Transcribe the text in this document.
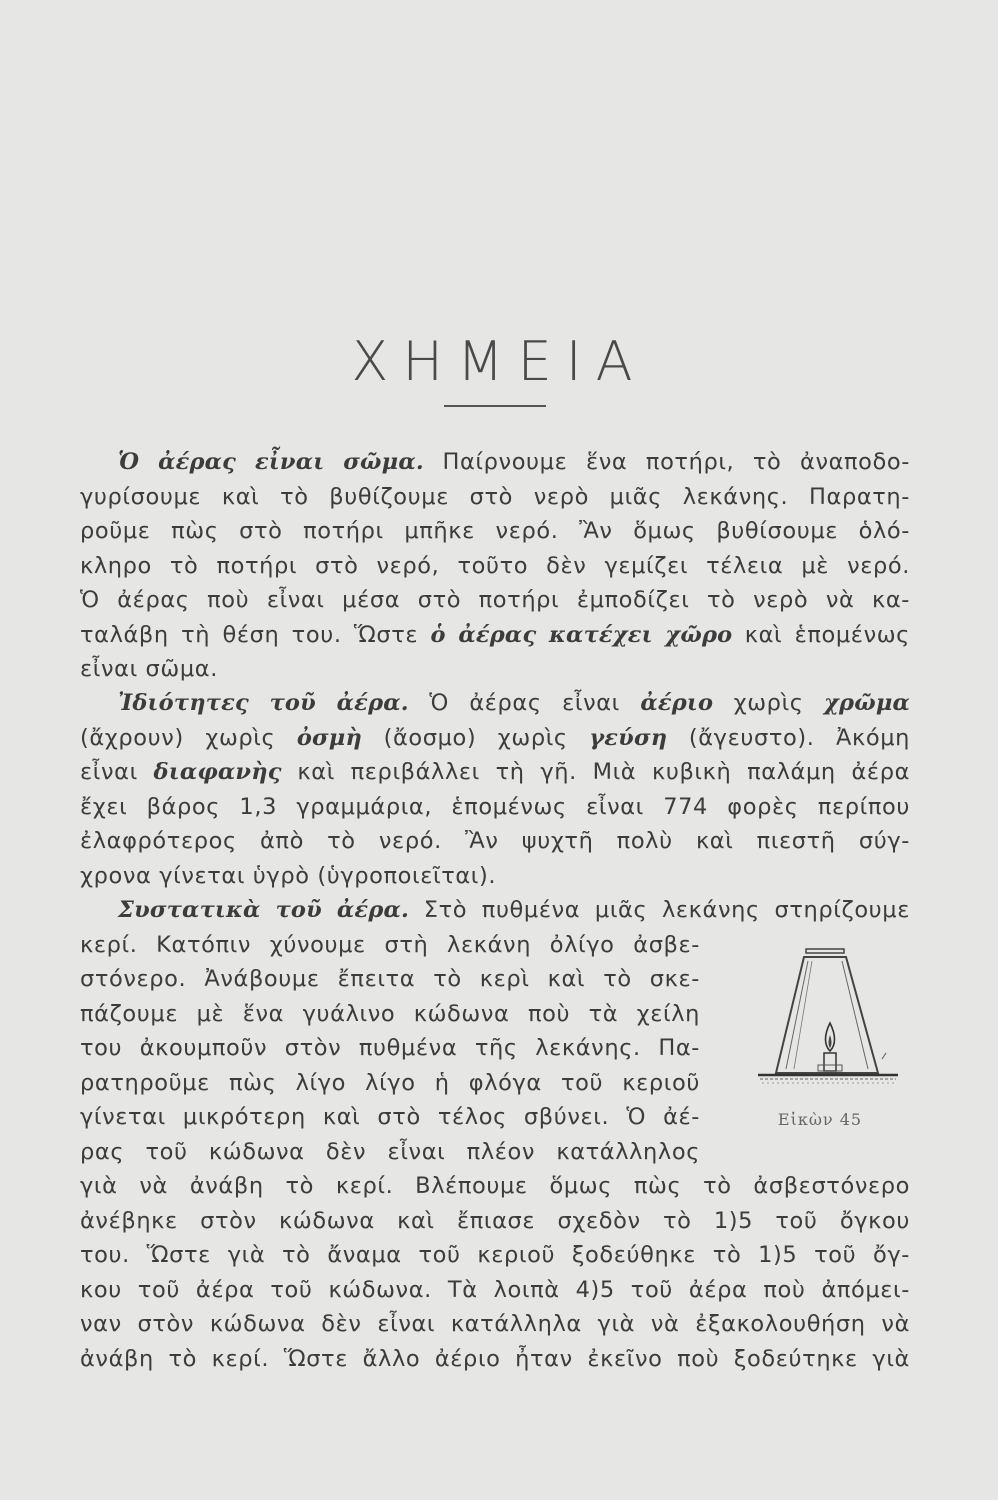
ΧΗΜΕΙΑ
Ὁ ἀέρας εἶναι σῶμα. Παίρνουμε ἕνα ποτήρι, τὸ ἀναποδο-
γυρίσουμε καὶ τὸ βυθίζουμε στὸ νερὸ μιᾶς λεκάνης. Παρατη-
ροῦμε πὼς στὸ ποτήρι μπῆκε νερό. Ἂν ὅμως βυθίσουμε ὁλό-
κληρο τὸ ποτήρι στὸ νερό, τοῦτο δὲν γεμίζει τέλεια μὲ νερό.
Ὁ ἀέρας ποὺ εἶναι μέσα στὸ ποτήρι ἐμποδίζει τὸ νερὸ νὰ κα-
ταλάβη τὴ θέση του. Ὥστε ὁ ἀέρας κατέχει χῶρο καὶ ἑπομένως
εἶναι σῶμα.
Ἰδιότητες τοῦ ἀέρα. Ὁ ἀέρας εἶναι ἀέριο χωρὶς χρῶμα
(ἄχρουν) χωρὶς ὀσμὴ (ἄοσμο) χωρὶς γεύση (ἄγευστο). Ἀκόμη
εἶναι διαφανὴς καὶ περιβάλλει τὴ γῆ. Μιὰ κυβικὴ παλάμη ἀέρα
ἔχει βάρος 1,3 γραμμάρια, ἑπομένως εἶναι 774 φορὲς περίπου
ἐλαφρότερος ἀπὸ τὸ νερό. Ἂν ψυχτῆ πολὺ καὶ πιεστῆ σύγ-
χρονα γίνεται ὑγρὸ (ὑγροποιεῖται).
Συστατικὰ τοῦ ἀέρα. Στὸ πυθμένα μιᾶς λεκάνης στηρίζουμε
κερί. Κατόπιν χύνουμε στὴ λεκάνη ὀλίγο ἀσβε-
στόνερο. Ἀνάβουμε ἔπειτα τὸ κερὶ καὶ τὸ σκε-
πάζουμε μὲ ἕνα γυάλινο κώδωνα ποὺ τὰ χείλη
του ἀκουμποῦν στὸν πυθμένα τῆς λεκάνης. Πα-
ρατηροῦμε πὼς λίγο λίγο ἡ φλόγα τοῦ κεριοῦ
γίνεται μικρότερη καὶ στὸ τέλος σβύνει. Ὁ ἀέ-
ρας τοῦ κώδωνα δὲν εἶναι πλέον κατάλληλος
γιὰ νὰ ἀνάβη τὸ κερί. Βλέπουμε ὅμως πὼς τὸ ἀσβεστόνερο
ἀνέβηκε στὸν κώδωνα καὶ ἔπιασε σχεδὸν τὸ 1)5 τοῦ ὄγκου
του. Ὥστε γιὰ τὸ ἄναμα τοῦ κεριοῦ ξοδεύθηκε τὸ 1)5 τοῦ ὄγ-
κου τοῦ ἀέρα τοῦ κώδωνα. Τὰ λοιπὰ 4)5 τοῦ ἀέρα ποὺ ἀπόμει-
ναν στὸν κώδωνα δὲν εἶναι κατάλληλα γιὰ νὰ ἐξακολουθήση νὰ
ἀνάβη τὸ κερί. Ὥστε ἄλλο ἀέριο ἦταν ἐκεῖνο ποὺ ξοδεύτηκε γιὰ
Εἰκὼν 45
